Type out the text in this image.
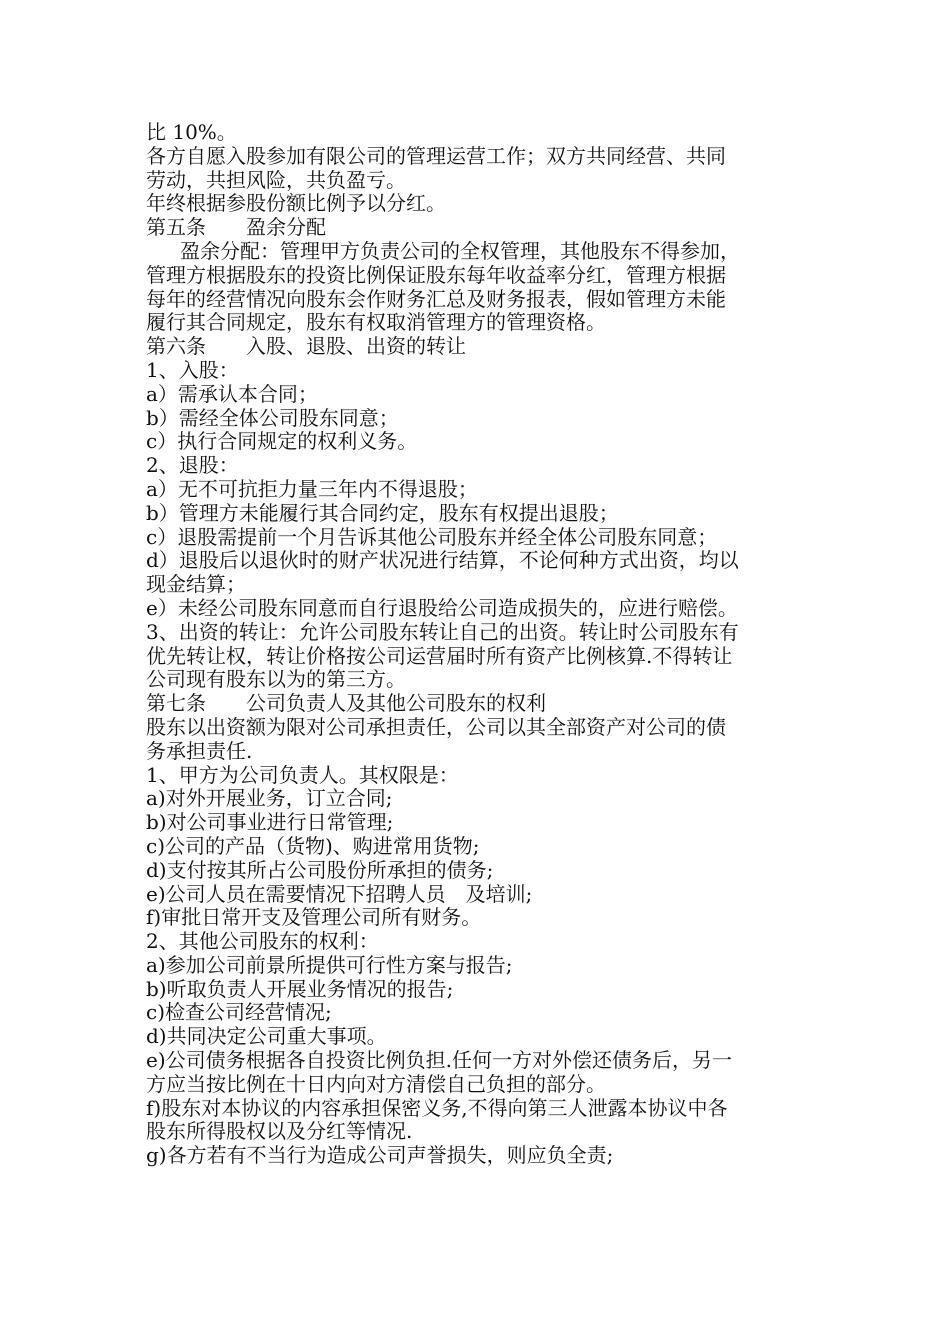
比 10%。
各方自愿入股参加有限公司的管理运营工作；双方共同经营、共同
劳动，共担风险，共负盈亏。
年终根据参股份额比例予以分红。
第五条　　盈余分配
盈余分配：管理甲方负责公司的全权管理，其他股东不得参加，
管理方根据股东的投资比例保证股东每年收益率分红，管理方根据
每年的经营情况向股东会作财务汇总及财务报表，假如管理方未能
履行其合同规定，股东有权取消管理方的管理资格。
第六条　　入股、退股、出资的转让
1、入股：
a）需承认本合同；
b）需经全体公司股东同意；
c）执行合同规定的权利义务。
2、退股：
a）无不可抗拒力量三年内不得退股；
b）管理方未能履行其合同约定，股东有权提出退股；
c）退股需提前一个月告诉其他公司股东并经全体公司股东同意；
d）退股后以退伙时的财产状况进行结算，不论何种方式出资，均以
现金结算；
e）未经公司股东同意而自行退股给公司造成损失的，应进行赔偿。
3、出资的转让：允许公司股东转让自己的出资。转让时公司股东有
优先转让权，转让价格按公司运营届时所有资产比例核算.不得转让
公司现有股东以为的第三方。
第七条　　公司负责人及其他公司股东的权利
股东以出资额为限对公司承担责任，公司以其全部资产对公司的债
务承担责任.
1、甲方为公司负责人。其权限是：
a)对外开展业务，订立合同;
b)对公司事业进行日常管理;
c)公司的产品（货物)、购进常用货物;
d)支付按其所占公司股份所承担的债务;
e)公司人员在需要情况下招聘人员　及培训;
f)审批日常开支及管理公司所有财务。
2、其他公司股东的权利：
a)参加公司前景所提供可行性方案与报告;
b)听取负责人开展业务情况的报告;
c)检查公司经营情况;
d)共同决定公司重大事项。
e)公司债务根据各自投资比例负担.任何一方对外偿还债务后，另一
方应当按比例在十日内向对方清偿自己负担的部分。
f)股东对本协议的内容承担保密义务,不得向第三人泄露本协议中各
股东所得股权以及分红等情况.
g)各方若有不当行为造成公司声誉损失，则应负全责;
